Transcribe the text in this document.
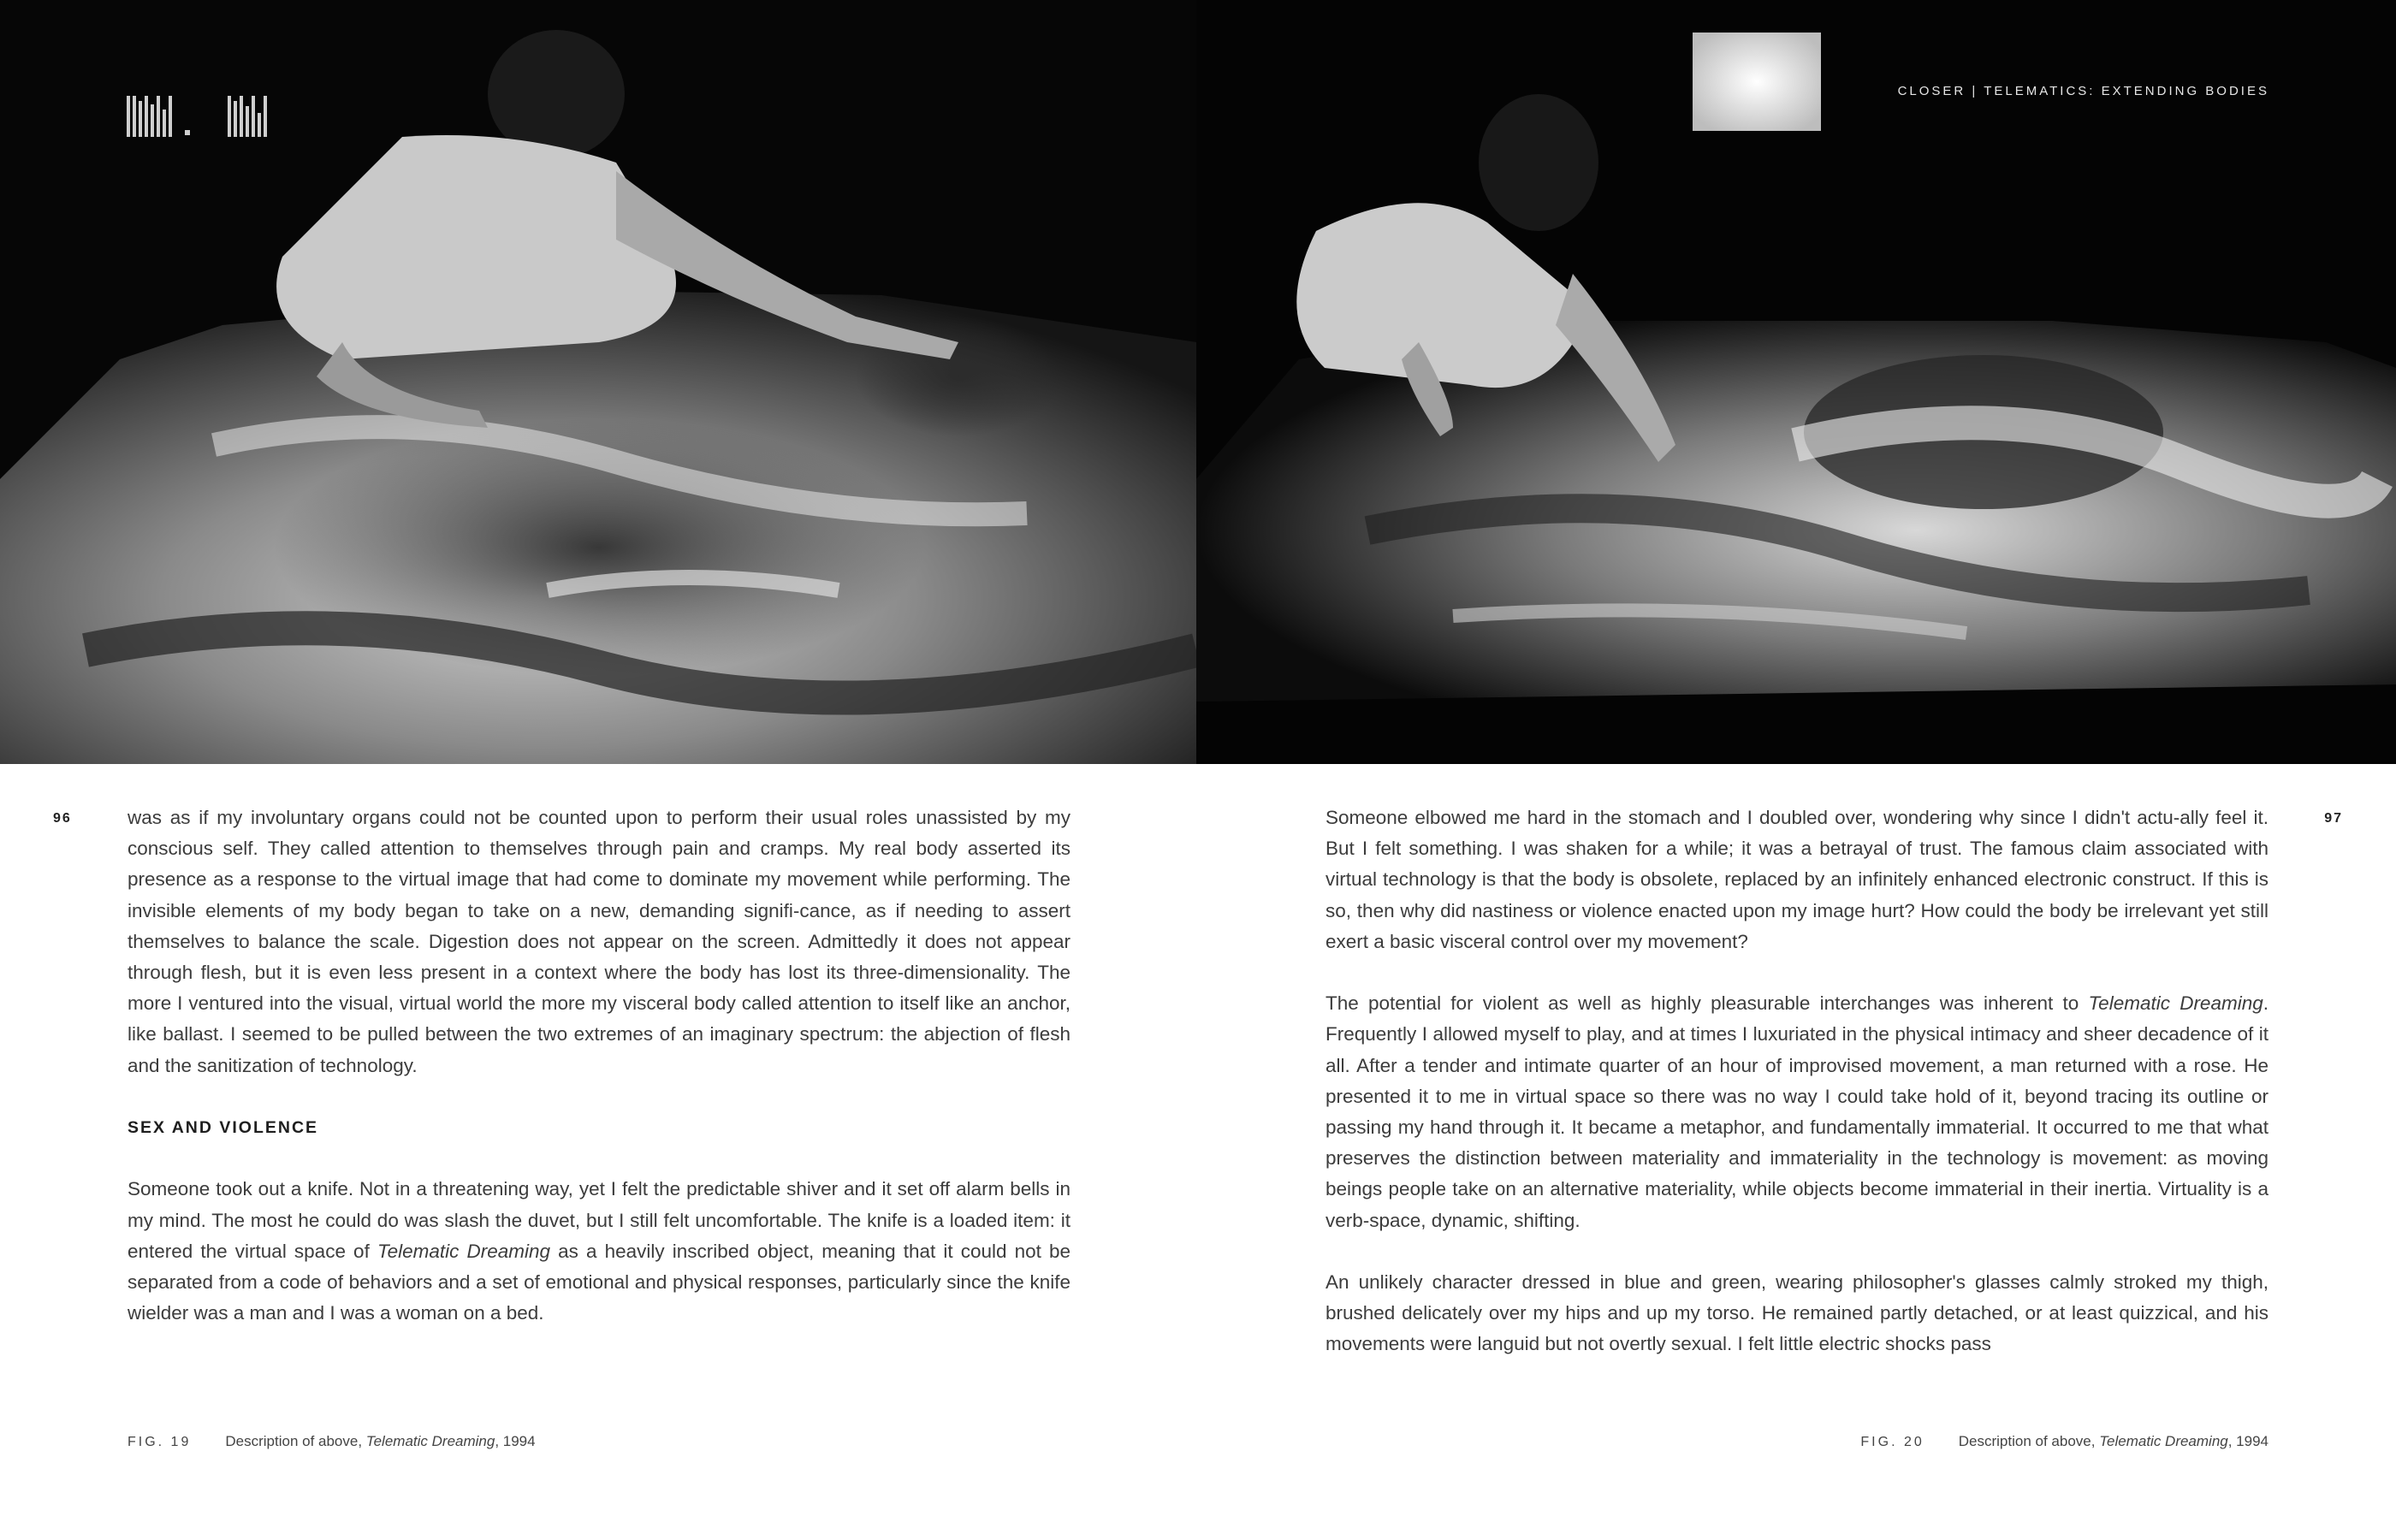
CLOSER | TELEMATICS: EXTENDING BODIES
96	97

was as if my involuntary organs could not be counted upon to perform their usual roles unassisted by my conscious self. They called attention to themselves through pain and cramps. My real body asserted its presence as a response to the virtual image that had come to dominate my movement while performing. The invisible elements of my body began to take on a new, demanding signifi-cance, as if needing to assert themselves to balance the scale. Digestion does not appear on the screen. Admittedly it does not appear through flesh, but it is even less present in a context where the body has lost its three-dimensionality. The more I ventured into the visual, virtual world the more my visceral body called attention to itself like an anchor, like ballast. I seemed to be pulled between the two extremes of an imaginary spectrum: the abjection of flesh and the sanitization of technology.

SEX AND VIOLENCE

Someone took out a knife. Not in a threatening way, yet I felt the predictable shiver and it set off alarm bells in my mind. The most he could do was slash the duvet, but I still felt uncomfortable. The knife is a loaded item: it entered the virtual space of Telematic Dreaming as a heavily inscribed object, meaning that it could not be separated from a code of behaviors and a set of emotional and physical responses, particularly since the knife wielder was a man and I was a woman on a bed.

Someone elbowed me hard in the stomach and I doubled over, wondering why since I didn't actu-ally feel it. But I felt something. I was shaken for a while; it was a betrayal of trust. The famous claim associated with virtual technology is that the body is obsolete, replaced by an infinitely enhanced electronic construct. If this is so, then why did nastiness or violence enacted upon my image hurt? How could the body be irrelevant yet still exert a basic visceral control over my movement?

The potential for violent as well as highly pleasurable interchanges was inherent to Telematic Dreaming. Frequently I allowed myself to play, and at times I luxuriated in the physical intimacy and sheer decadence of it all. After a tender and intimate quarter of an hour of improvised movement, a man returned with a rose. He presented it to me in virtual space so there was no way I could take hold of it, beyond tracing its outline or passing my hand through it. It became a metaphor, and fundamentally immaterial. It occurred to me that what preserves the distinction between materiality and immateriality in the technology is movement: as moving beings people take on an alternative materiality, while objects become immaterial in their inertia. Virtuality is a verb-space, dynamic, shifting.

An unlikely character dressed in blue and green, wearing philosopher's glasses calmly stroked my thigh, brushed delicately over my hips and up my torso. He remained partly detached, or at least quizzical, and his movements were languid but not overtly sexual. I felt little electric shocks pass

FIG. 19 Description of above, Telematic Dreaming, 1994	FIG. 20 Description of above, Telematic Dreaming, 1994
